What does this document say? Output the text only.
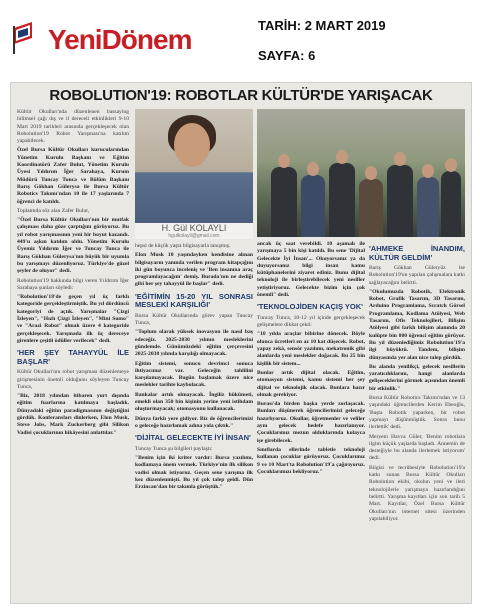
YeniDönem	TARİH: 2 MART 2019
SAYFA: 6
ROBOLUTION'19: ROBOTLAR KÜLTÜR'DE YARIŞACAK

Kültür Okulları'nda düzenlenen bassaying bilimsel çağı dış ve il dereceli etkinlikleri 9-10 Mart 2019 tarihleri arasında gerçekleşecek olan Robolution'19 Robot Yarışması'na katılım yapabilecek.

Özel Bursa Kültür Okulları kurucularından Yönetim Kurulu Başkanı ve Eğitim Koordinatörü Zafer Bulut, Yönetim Kurulu Üyesi Yıldırım İğer Sarahaya, Kurum Müdürü Tuncay Tunca ve Bölüm Başkanı Barış Gökhan Gülerysa ile Bursa Kültür Robotics Takımı'ndan 10 ile 17 yaşlarında 7 öğrenci de katıldı.

Toplantıda söz alan Zafer Bulut,

"Özel Bursa Kültür Okulları'nın bir mutfak çalışması daha göze çarptığını görüyoruz. Bu yıl robot yarışmasının yeni bir boyut kazandı. 449'u aşkın katılım oldu. Yönetim Kurulu Üyemiz Yıldırım İğer ve Tuncay Tunca ile Barış Gökhan Gülerysa'nın büyük bir uyumla bu yarışmayı düzenliyoruz. Türkiye'de güzel şeyler de oluyor" dedi.

Robolution'19 hakkında bilgi veren Yıldırım İğer Sarahaya şunları söyledi:

"Robolution'18'de geçen yıl üç farklı kategoride gerçekleştirmiştik. Bu yıl dördüncü kategoriyi de açtık. Yarışmalar "Çizgi İzleyen", "Hızlı Çizgi İzleyen", "Mini Sumo" ve "Arazi Robot" olmak üzere 4 kategoride gerçekleşecek. Yarışmada ilk üç dereceye girenlere çeşitli ödüller verilecek" dedi.

'HER ŞEY TAHAYYÜL İLE BAŞLAR'

Kültür Okulları'nın robot yarışması düzenlemeye girişmesinin önemli olduğunu söyleyen Tuncay Tunca,

"Biz, 2018 yılından itibaren yurt dışında eğitim fuarlarına katılmaya başladık. Dünyadaki eğitim paradigmasının değiştiğini gördük. Konferansları dinlerken, Elon Musk, Steve Jobs, Mark Zuckerberg gibi Silikon Vadisi çocuklarının hikâyesini anlattılar."

H. Gül KOLAYLI
hgulkolayli@gmail.com

hepsi de küçük yaşta bilgisayarla tanışmış.

Elon Musk 10 yaşındayken kendisine alınan bilgisayarın yanında verilen program kitapçığını iki gün boyunca inceleniş ve 'Ben insanına araç programlayacağım' demiş. Burada'nın ne dediği gibi her şey tahayyül ile başlar" dedi.

'EĞİTİMİN 15-20 YIL SONRASI MESLEKİ KARŞILIĞI'

Bursa Kültür Okullarında görev yapan Tuncay Tunca,

"Toplum olarak yüksek inovasyon ile nasıl baş edeceğiz. 2025-2030 yılının mesleklerini gündemde. Günümüzdeki eğitim çerçevesini 2025-2030 yılında karşılığı olmayacak.

Eğitim sistemi, sonucu devrimci sonuca ihtiyacımız var. Geleceğin tahlilini karşılamayacak. Bugün başlamak üzere nice meslekler tarihte kaybolacak.

Bankalar artık olmayacak. İngiliz hükümeti, emekli olan 350 bin kişinin yerine yeni istihdam oluşturmayacak; otomasyonu kullanacak.

Dünya farklı yere gidiyor. Biz de öğrencilerimizi o geleceğe hazırlamak adına yola çıktık."

'DİJİTAL GELECEKTE İYİ İNSAN'

Tuncay Tunca şu bilgileri paylaştı:

"Benim için iki kriter vardır: Bursa yazılımı, kodlamaya önem vermek. Türkiye'nin ilk silikon vadisi olmak istiyoruz. Geçen sene yarışma ilk kez düzenlenmişti. Bu yıl çok talep geldi. Dün Erzincan'dan bir takımla görüştük."

ancak üç saat verebildi. 10 aşamalı ile yarışmaya 5 bin kişi katıldı. Bu sene 'Dijital Gelecekte İyi İnsan'... Okuyorsanız ya da duyuyorsanız bilgi insan kamu kütüphanelerini ziyaret ediniz. Bunu dijital teknoloji ile birleştirebilecek yeni nesiller yetiştiriyoruz. Gelecekte bizim için çok önemli" dedi.

'TEKNOLOJİDEN KAÇIŞ YOK'

Tuncay Tunca, 10-12 yıl içinde gerçekleşecek gelişmelere dikkat çekti:

"10 yılda araçlar bibirine dönecek. Böyle olunca ücretleri en az 10 kat düşecek. Robot, yapay zekâ, sensör yazılımı, mekatronik gibi alanlarda yeni meslekler doğacak. Bu 25 bin kişilik bir sistem...

Bunlar artık dijital olacak. Eğitim, otomasyon sistemi, kamu sistemi her şey dijital ve teknolojik olacak. Bunlara hazır olmak gerekiyor.

Burası'da birden başka yerde zorlaşacak. Bunları düşünerek öğrencilerimizi geleceğe hazırlıyoruz. Okullar, öğretmenler ve veliler aynı gelecek hedefe hazırlanıyor. Çocuklarımız mezun olduklarında kolayca işe girebilecek.

Sınıflarda ellerinde tabletle teknoloji kullanan çocuklar görüyoruz. Çocuklarımız 9 ve 10 Mart'ta Robolution'19'a çağırıyoruz. Çocuklarımızı bekliyoruz."

'AHMEKE İNANDIM, KÜLTÜR GELDİM'

Barış Gökhan Güleryüz ise Robolution'19'un yapılan çalışmalara katkı sağlayacağını belirtti.

"Okulumuzda Robotik, Elektronik Robot, Grafik Tasarım, 3D Tasarım, Arduino Programlama, Scratch Görsel Programlama, Kodlama Atölyesi, Web Tasarım, Ofis Teknolojileri, Bilişim Atölyesi gibi farklı bilişim alanında 20 kulüpte bin 800 öğrenci eğitim görüyor. Bu yıl düzenlediğimiz Robolution'19'a ilgi büyüktü. Tandem, bilişim dünyasında yer alan nice talep gördük.

Bu alanda yenilikçi, gelecek nesillerin yaratıcılıklarını, hangi alanlarda gelişeceklerini görmek açısından önemli bir etkinlik."

Bursa Kültür Robotics Takımı'ndan ve 13 yaşındaki öğrencilerden Kerim Ebeoğlu, 'Başta Robotik yaparken, bir robot yapmayı düşünmüştük. Sonra bunu ilerlettik' dedi.

Meryem Havva Güler, 'Benim robotlara ilgim küçük yaşlarda başladı. Annemin de desteğiyle bu alanda ilerlemek istiyorum' dedi.

Bilgisi ve tecrübesiyle Robolution'19'a katkı sunan Bursa Kültür Okulları Robolution ekibi, okulun yeni ve ileri teknolojilerle yarışmaya hazırlandığını belirtti. Yarışma kayıtları için son tarih 5 Mart. Kayıtlar, Özel Bursa Kültür Okulları'nın internet sitesi üzerinden yapılabiliyor.
